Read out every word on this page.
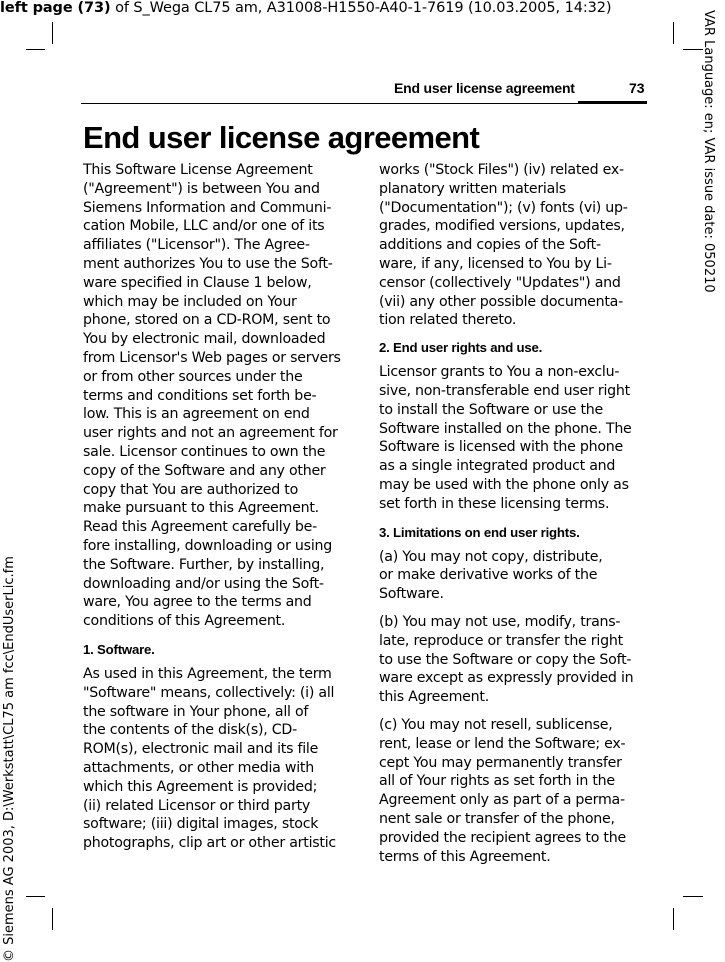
left page (73) of S_Wega CL75 am, A31008-H1550-A40-1-7619 (10.03.2005, 14:32)
VAR Language: en; VAR issue date: 050210
© Siemens AG 2003, D:\Werkstatt\CL75 am fcc\EndUserLic.fm
End user license agreement	73
End user license agreement

This Software License Agreement
("Agreement") is between You and
Siemens Information and Communi-
cation Mobile, LLC and/or one of its
affiliates ("Licensor"). The Agree-
ment authorizes You to use the Soft-
ware specified in Clause 1 below,
which may be included on Your
phone, stored on a CD-ROM, sent to
You by electronic mail, downloaded
from Licensor's Web pages or servers
or from other sources under the
terms and conditions set forth be-
low. This is an agreement on end
user rights and not an agreement for
sale. Licensor continues to own the
copy of the Software and any other
copy that You are authorized to
make pursuant to this Agreement.
Read this Agreement carefully be-
fore installing, downloading or using
the Software. Further, by installing,
downloading and/or using the Soft-
ware, You agree to the terms and
conditions of this Agreement.

1. Software.

As used in this Agreement, the term
"Software" means, collectively: (i) all
the software in Your phone, all of
the contents of the disk(s), CD-
ROM(s), electronic mail and its file
attachments, or other media with
which this Agreement is provided;
(ii) related Licensor or third party
software; (iii) digital images, stock
photographs, clip art or other artistic

works ("Stock Files") (iv) related ex-
planatory written materials
("Documentation"); (v) fonts (vi) up-
grades, modified versions, updates,
additions and copies of the Soft-
ware, if any, licensed to You by Li-
censor (collectively "Updates") and
(vii) any other possible documenta-
tion related thereto.

2. End user rights and use.

Licensor grants to You a non-exclu-
sive, non-transferable end user right
to install the Software or use the
Software installed on the phone. The
Software is licensed with the phone
as a single integrated product and
may be used with the phone only as
set forth in these licensing terms.

3. Limitations on end user rights.

(a) You may not copy, distribute,
or make derivative works of the
Software.

(b) You may not use, modify, trans-
late, reproduce or transfer the right
to use the Software or copy the Soft-
ware except as expressly provided in
this Agreement.

(c) You may not resell, sublicense,
rent, lease or lend the Software; ex-
cept You may permanently transfer
all of Your rights as set forth in the
Agreement only as part of a perma-
nent sale or transfer of the phone,
provided the recipient agrees to the
terms of this Agreement.
